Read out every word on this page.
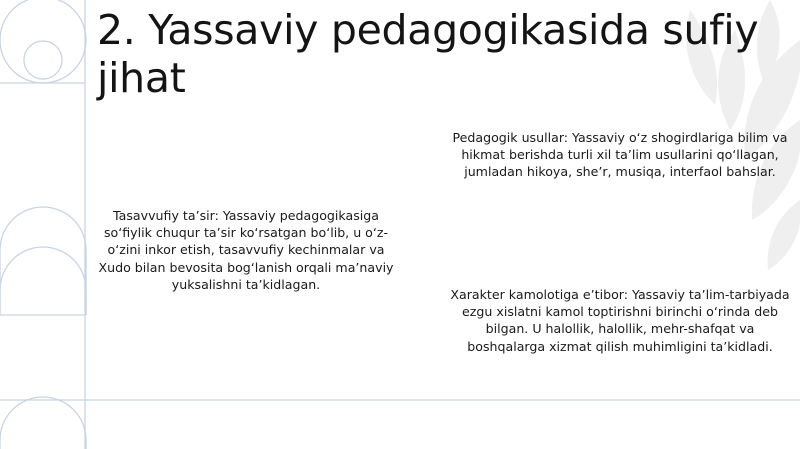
2. Yassaviy pedagogikasida sufiy jihat

Tasavvufiy ta’sir: Yassaviy pedagogikasiga so‘fiylik chuqur ta’sir ko‘rsatgan bo‘lib, u o‘z-o‘zini inkor etish, tasavvufiy kechinmalar va Xudo bilan bevosita bog‘lanish orqali ma’naviy yuksalishni ta’kidlagan.

Pedagogik usullar: Yassaviy o‘z shogirdlariga bilim va hikmat berishda turli xil ta’lim usullarini qo‘llagan, jumladan hikoya, she’r, musiqa, interfaol bahslar.

Xarakter kamolotiga e’tibor: Yassaviy ta’lim-tarbiyada ezgu xislatni kamol toptirishni birinchi o‘rinda deb bilgan. U halollik, halollik, mehr-shafqat va boshqalarga xizmat qilish muhimligini ta’kidladi.
